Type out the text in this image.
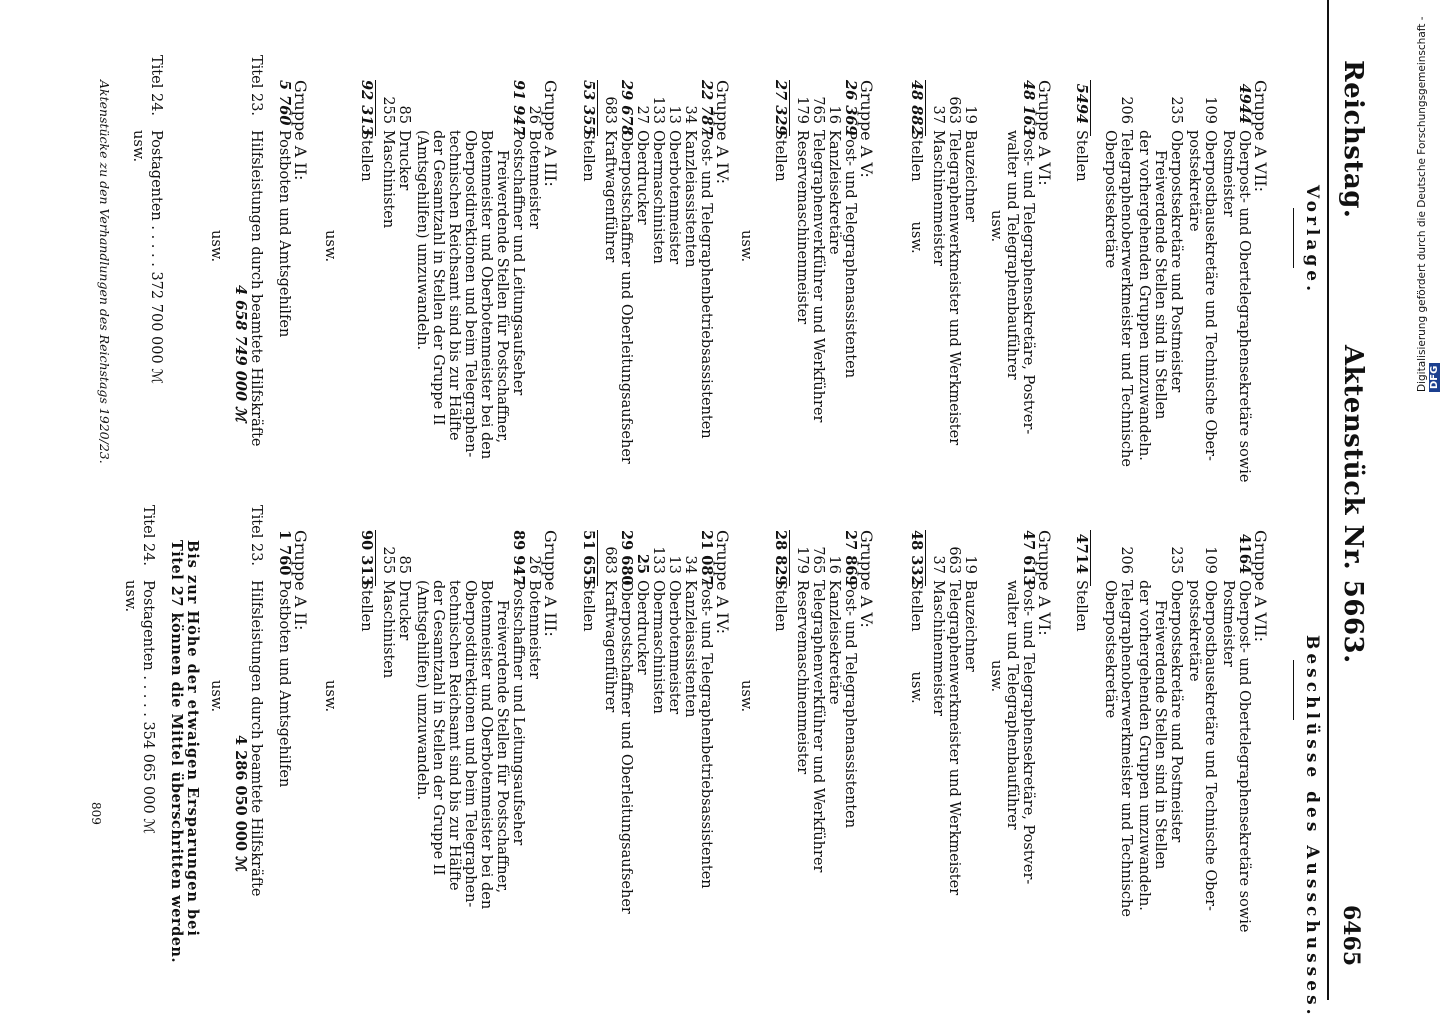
Reichstag.
Aktenstück Nr. 5663.
6465
Vorlage.
Beschlüsse des Ausschusses.
Gruppe A VII:
4944Oberpost- und Obertelegraphensekretäre sowie
Postmeister
109Oberpostbausekretäre und Technische Ober-
postsekretäre
235Oberpostsekretäre und Postmeister
Freiwerdende Stellen sind in Stellen
der vorhergehenden Gruppen umzuwandeln.
206Telegraphenoberwerkmeister und Technische
Oberpostsekretäre
5494Stellen
Gruppe A VI:
48 163Post- und Telegraphensekretäre, Postver-
walter und Telegraphenbauführer
usw.
19Bauzeichner
663Telegraphenwerkmeister und Werkmeister
37Maschinenmeister
48 882Stellenusw.
Gruppe A V:
26 369Post- und Telegraphenassistenten
16Kanzleisekretäre
765Telegraphenverkführer und Werkführer
179Reservemaschinenmeister
27 329Stellen
usw.
Gruppe A IV:
22 787Post- und Telegraphenbetriebsassistenten
34Kanzleiassistenten
13Oberbotenmeister
133Obermaschinisten
27Oberdrucker
29 678Oberpostschaffner und Oberleitungsaufseher
683Kraftwagenführer
53 355Stellen
Gruppe A III:
26Botenmeister
91 947Postschaffner und Leitungsaufseher
Freiwerdende Stellen für Postschaffner,
Botenmeister und Oberbotenmeister bei den
Oberpostdirektionen und beim Telegraphen-
technischen Reichsamt sind bis zur Hälfte
der Gesamtzahl in Stellen der Gruppe II
(Amtsgehilfen) umzuwandeln.
85Drucker
255Maschinisten
92 313Stellen
usw.
Gruppe A II:
5 760Postboten und Amtsgehilfen
Titel 23.Hilfsleistungen durch beamtete Hilfskräfte
4 658 749 000 ℳ
usw.
Titel 24.Postagenten . . . . . 372 700 000 ℳ
usw.
Aktenstücke zu den Verhandlungen des Reichstags 1920/23.
Gruppe A VII:
4164Oberpost- und Obertelegraphensekretäre sowie
Postmeister
109Oberpostbausekretäre und Technische Ober-
postsekretäre
235Oberpostsekretäre und Postmeister
Freiwerdende Stellen sind in Stellen
der vorhergehenden Gruppen umzuwandeln.
206Telegraphenoberwerkmeister und Technische
Oberpostsekretäre
4714Stellen
Gruppe A VI:
47 613Post- und Telegraphensekretäre, Postver-
walter und Telegraphenbauführer
usw.
19Bauzeichner
663Telegraphenwerkmeister und Werkmeister
37Maschinenmeister
48 332Stellenusw.
Gruppe A V:
27 869Post- und Telegraphenassistenten
16Kanzleisekretäre
765Telegraphenverkführer und Werkführer
179Reservemaschinenmeister
28 829Stellen
usw.
Gruppe A IV:
21 087Post- und Telegraphenbetriebsassistenten
34Kanzleiassistenten
13Oberbotenmeister
133Obermaschinisten
25Oberdrucker
29 680Oberpostschaffner und Oberleitungsaufseher
683Kraftwagenführer
51 655Stellen
Gruppe A III:
26Botenmeister
89 947Postschaffner und Leitungsaufseher
Freiwerdende Stellen für Postschaffner,
Botenmeister und Oberbotenmeister bei den
Oberpostdirektionen und beim Telegraphen-
technischen Reichsamt sind bis zur Hälfte
der Gesamtzahl in Stellen der Gruppe II
(Amtsgehilfen) umzuwandeln.
85Drucker
255Maschinisten
90 313Stellen
usw.
Gruppe A II:
1 760Postboten und Amtsgehilfen
Titel 23.Hilfsleistungen durch beamtete Hilfskräfte
4 286 050 000 ℳ
usw.
Bis zur Höhe der etwaigen Ersparungen bei
Titel 27 können die Mittel überschritten werden.
Titel 24.Postagenten . . . . . 354 065 000 ℳ
usw.
809
Digitalisierung gefördert durch die Deutsche Forschungsgemeinschaft - DFG
